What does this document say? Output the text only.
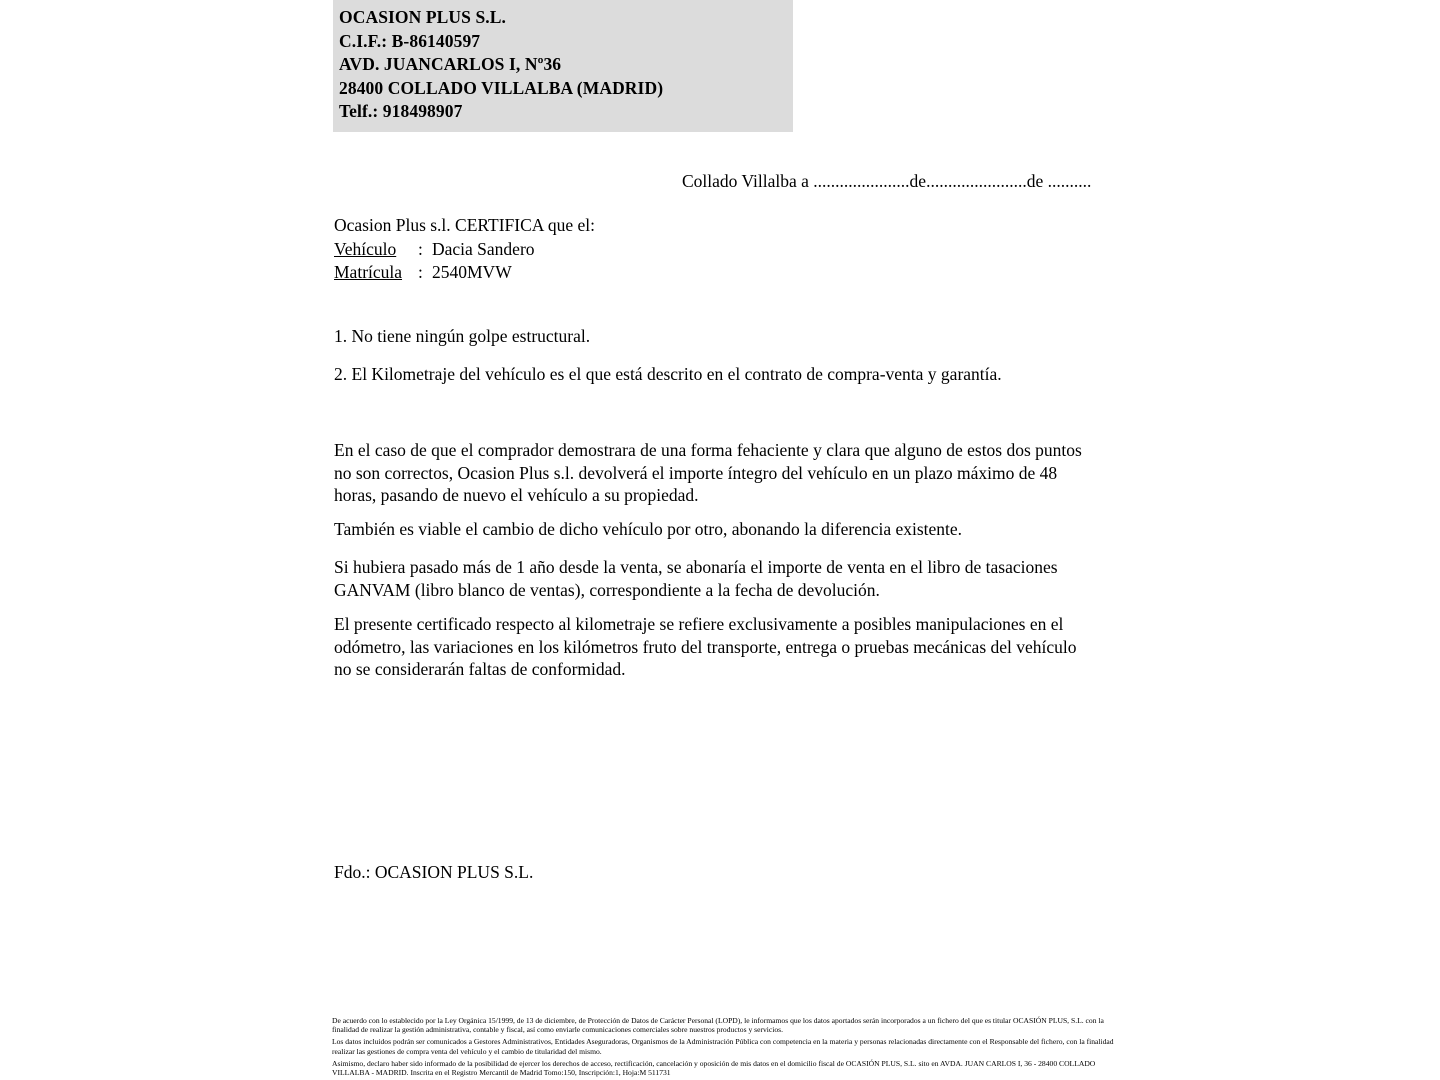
OCASION PLUS S.L.
C.I.F.: B-86140597
AVD. JUANCARLOS I, Nº36
28400 COLLADO VILLALBA (MADRID)
Telf.: 918498907
Collado Villalba a ......................de.......................de ..........
Ocasion Plus s.l. CERTIFICA que el:
Vehículo	: Dacia Sandero
Matrícula : 2540MVW
1. No tiene ningún golpe estructural.
2. El Kilometraje del vehículo es el que está descrito en el contrato de compra-venta y garantía.
En el caso de que el comprador demostrara de una forma fehaciente y clara que alguno de estos dos puntos no son correctos, Ocasion Plus s.l. devolverá el importe íntegro del vehículo en un plazo máximo de 48 horas, pasando de nuevo el vehículo a su propiedad.
También es viable el cambio de dicho vehículo por otro, abonando la diferencia existente.
Si hubiera pasado más de 1 año desde la venta, se abonaría el importe de venta en el libro de tasaciones GANVAM (libro blanco de ventas), correspondiente a la fecha de devolución.
El presente certificado respecto al kilometraje se refiere exclusivamente a posibles manipulaciones en el odómetro, las variaciones en los kilómetros fruto del transporte, entrega o pruebas mecánicas del vehículo no se considerarán faltas de conformidad.
Fdo.: OCASION PLUS S.L.

De acuerdo con lo establecido por la Ley Orgánica 15/1999, de 13 de diciembre, de Protección de Datos de Carácter Personal (LOPD), le informamos que los datos aportados serán incorporados a un fichero del que es titular OCASIÓN PLUS, S.L. con la finalidad de realizar la gestión administrativa, contable y fiscal, así como enviarle comunicaciones comerciales sobre nuestros productos y servicios.

Los datos incluidos podrán ser comunicados a Gestores Administrativos, Entidades Aseguradoras, Organismos de la Administración Pública con competencia en la materia y personas relacionadas directamente con el Responsable del fichero, con la finalidad realizar las gestiones de compra venta del vehículo y el cambio de titularidad del mismo.

Asimismo, declaro haber sido informado de la posibilidad de ejercer los derechos de acceso, rectificación, cancelación y oposición de mis datos en el domicilio fiscal de OCASIÓN PLUS, S.L. sito en AVDA. JUAN CARLOS I, 36 - 28400 COLLADO VILLALBA - MADRID. Inscrita en el Registro Mercantil de Madrid Tomo:150, Inscripción:1, Hoja:M 511731
